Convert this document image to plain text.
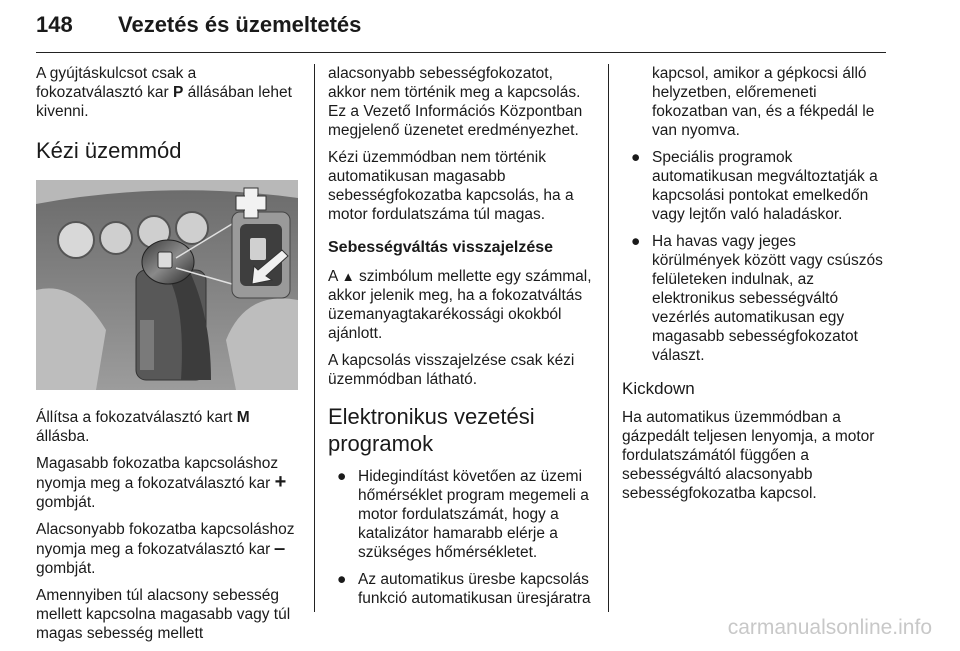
148 Vezetés és üzemeltetés

A gyújtáskulcsot csak a fokozatválasztó kar P állásában lehet kivenni.

Kézi üzemmód

Állítsa a fokozatválasztó kart M állásba.

Magasabb fokozatba kapcsoláshoz nyomja meg a fokozatválasztó kar + gombját.

Alacsonyabb fokozatba kapcsoláshoz nyomja meg a fokozatválasztó kar ‒ gombját.

Amennyiben túl alacsony sebesség mellett kapcsolna magasabb vagy túl magas sebesség mellett

alacsonyabb sebességfokozatot, akkor nem történik meg a kapcsolás. Ez a Vezető Információs Központban megjelenő üzenetet eredményezhet.

Kézi üzemmódban nem történik automatikusan magasabb sebességfokozatba kapcsolás, ha a motor fordulatszáma túl magas.

Sebességváltás visszajelzése

A ▲ szimbólum mellette egy számmal, akkor jelenik meg, ha a fokozatváltás üzemanyagtakarékossági okokból ajánlott.

A kapcsolás visszajelzése csak kézi üzemmódban látható.

Elektronikus vezetési programok
● Hidegindítást követően az üzemi hőmérséklet program megemeli a motor fordulatszámát, hogy a katalizátor hamarabb elérje a szükséges hőmérsékletet.
● Az automatikus üresbe kapcsolás funkció automatikusan üresjáratra

kapcsol, amikor a gépkocsi álló helyzetben, előremeneti fokozatban van, és a fékpedál le van nyomva.

● Speciális programok automatikusan megváltoztatják a kapcsolási pontokat emelkedőn vagy lejtőn való haladáskor.
● Ha havas vagy jeges körülmények között vagy csúszós felületeken indulnak, az elektronikus sebességváltó vezérlés automatikusan egy magasabb sebességfokozatot választ.
Kickdown

Ha automatikus üzemmódban a gázpedált teljesen lenyomja, a motor fordulatszámától függően a sebességváltó alacsonyabb sebességfokozatba kapcsol.

carmanualsonline.info
